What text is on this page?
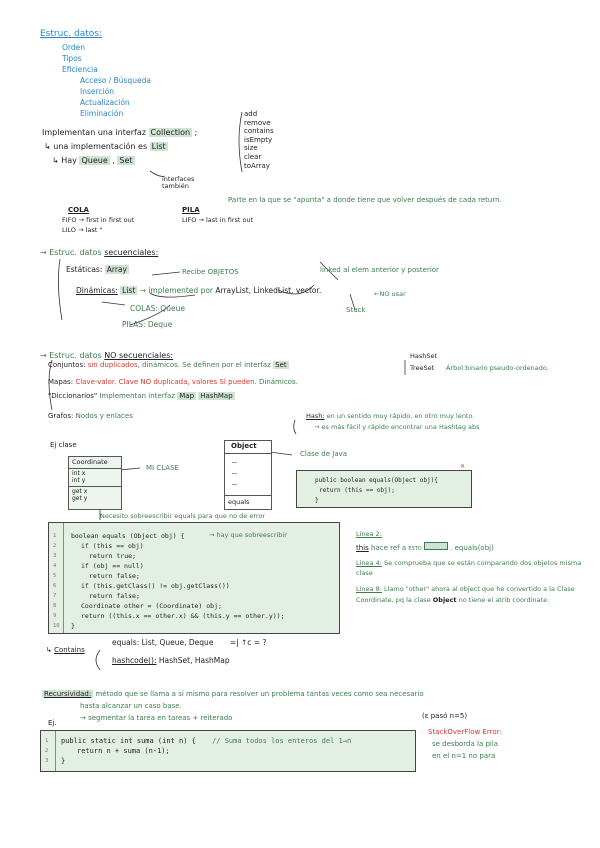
Estruc. datos:
Orden
Tipos
Eficiencia
Acceso / Búsqueda
Inserción
Actualización
Eliminación
Implementan una interfaz Collection ;
add
remove
contains
isEmpty
size
clear
toArray
↳ una implementación es List
↳ Hay Queue , Set
interfaces también
COLA
FIFO → first in first out
LILO → last "
PILA
LIFO → last in first out
Parte en la que se "apunta" a donde tiene que volver después de cada return.
→ Estruc. datos secuenciales:
Estáticas: Array	Recibe OBJETOS	linked al elem anterior y posterior
Dinámicas: List → implemented por ArrayList, LinkedList, vector.	←NO usar
COLAS: Queue	Stack
PILAS: Deque
→ Estruc. datos NO secuenciales:
Conjuntos: sin duplicados, dinámicos. Se definen por el interfaz Set
HashSet
TreeSet Árbol binario pseudo-ordenado.
Mapas: Clave-valor. Clave NO duplicada, valores SÍ pueden. Dinámicos.
"Diccionarios" Implementan interfaz Map HashMap
Grafos: Nodos y enlaces	Hash: en un sentido muy rápido, en otro muy lento.
→ es más fácil y rápido encontrar una Hashtag abs
Ej clase
Coordinate
int x
int y
get x
get y
MI CLASE
Object
~
~
~
equals
Clase de Java
public boolean equals(Object obj){
return (this == obj);
}
✕
Necesito sobreescribir equals para que no de error
1
2
3
4
5
6
7
8
9
10
boolean equals (Object obj) {
if (this == obj)
return true;
if (obj == null)
return false;
if (this.getClass() != obj.getClass())
return false;
Coordinate other = (Coordinate) obj;
return ((this.x == other.x) && (this.y == other.y));
}
→ hay que sobreescribir	Línea 2:
this hace ref a ESTO	. equals(obj)
Línea 4: Se comprueba que se están comparando dos objetos misma clase
Línea 8: Llamo "other" ahora al object que he convertido a la Clase Coordinate, pq la clase Object no tiene el atrib coordinate.
↳ Contains
equals: List, Queue, Deque =| ↑c = ?
hashcode(): HashSet, HashMap
Recursividad: método que se llama a sí mismo para resolver un problema tantas veces como sea necesario
hasta alcanzar un caso base.
→ segmentar la tarea en tareas + reiterado
Ej.
(ε pasó n=5)
1
2
3
public static int suma (int n) { // Suma todos los enteros del 1→n
return n + suma (n-1);
}
StackOverFlow Error:
se desborda la pila
en el n=1 no para
